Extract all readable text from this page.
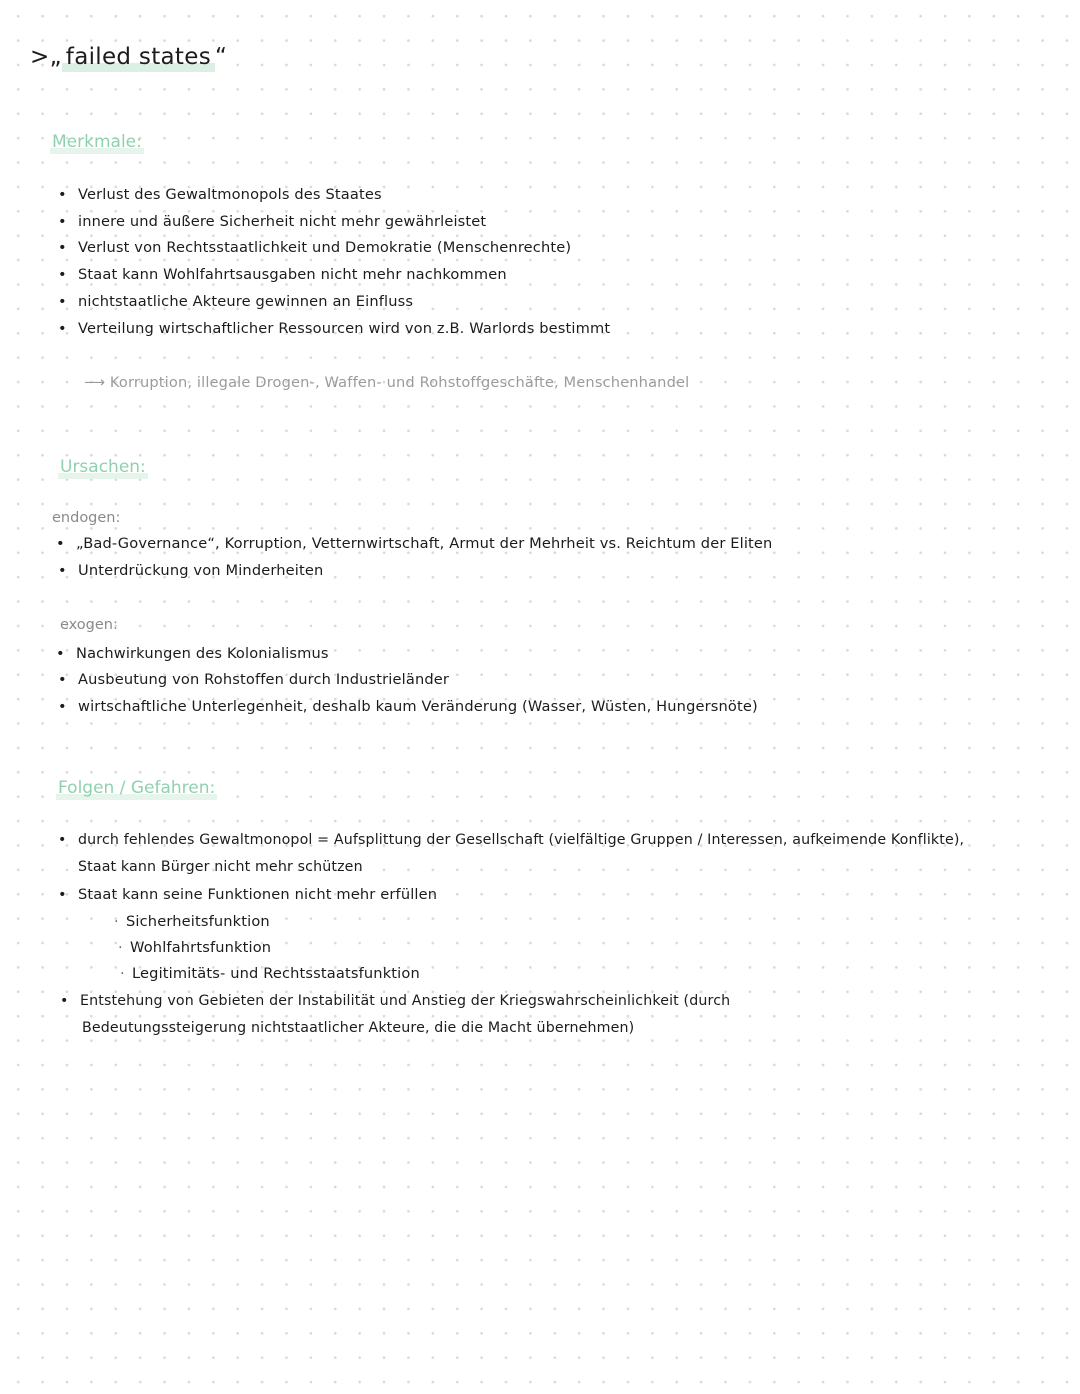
>„ failed states “
Merkmale:
• Verlust des Gewaltmonopols des Staates
• innere und äußere Sicherheit nicht mehr gewährleistet
• Verlust von Rechtsstaatlichkeit und Demokratie (Menschenrechte)
• Staat kann Wohlfahrtsausgaben nicht mehr nachkommen
• nichtstaatliche Akteure gewinnen an Einfluss
• Verteilung wirtschaftlicher Ressourcen wird von z.B. Warlords bestimmt
⟶ Korruption, illegale Drogen-, Waffen- und Rohstoffgeschäfte, Menschenhandel
Ursachen:
endogen:
• „Bad-Governance“, Korruption, Vetternwirtschaft, Armut der Mehrheit vs. Reichtum der Eliten
• Unterdrückung von Minderheiten
exogen:
• Nachwirkungen des Kolonialismus
• Ausbeutung von Rohstoffen durch Industrieländer
• wirtschaftliche Unterlegenheit, deshalb kaum Veränderung (Wasser, Wüsten, Hungersnöte)
Folgen / Gefahren:
• durch fehlendes Gewaltmonopol = Aufsplittung der Gesellschaft (vielfältige Gruppen / Interessen, aufkeimende Konflikte),
Staat kann Bürger nicht mehr schützen
• Staat kann seine Funktionen nicht mehr erfüllen
· Sicherheitsfunktion
· Wohlfahrtsfunktion
· Legitimitäts- und Rechtsstaatsfunktion
• Entstehung von Gebieten der Instabilität und Anstieg der Kriegswahrscheinlichkeit (durch
Bedeutungssteigerung nichtstaatlicher Akteure, die die Macht übernehmen)
